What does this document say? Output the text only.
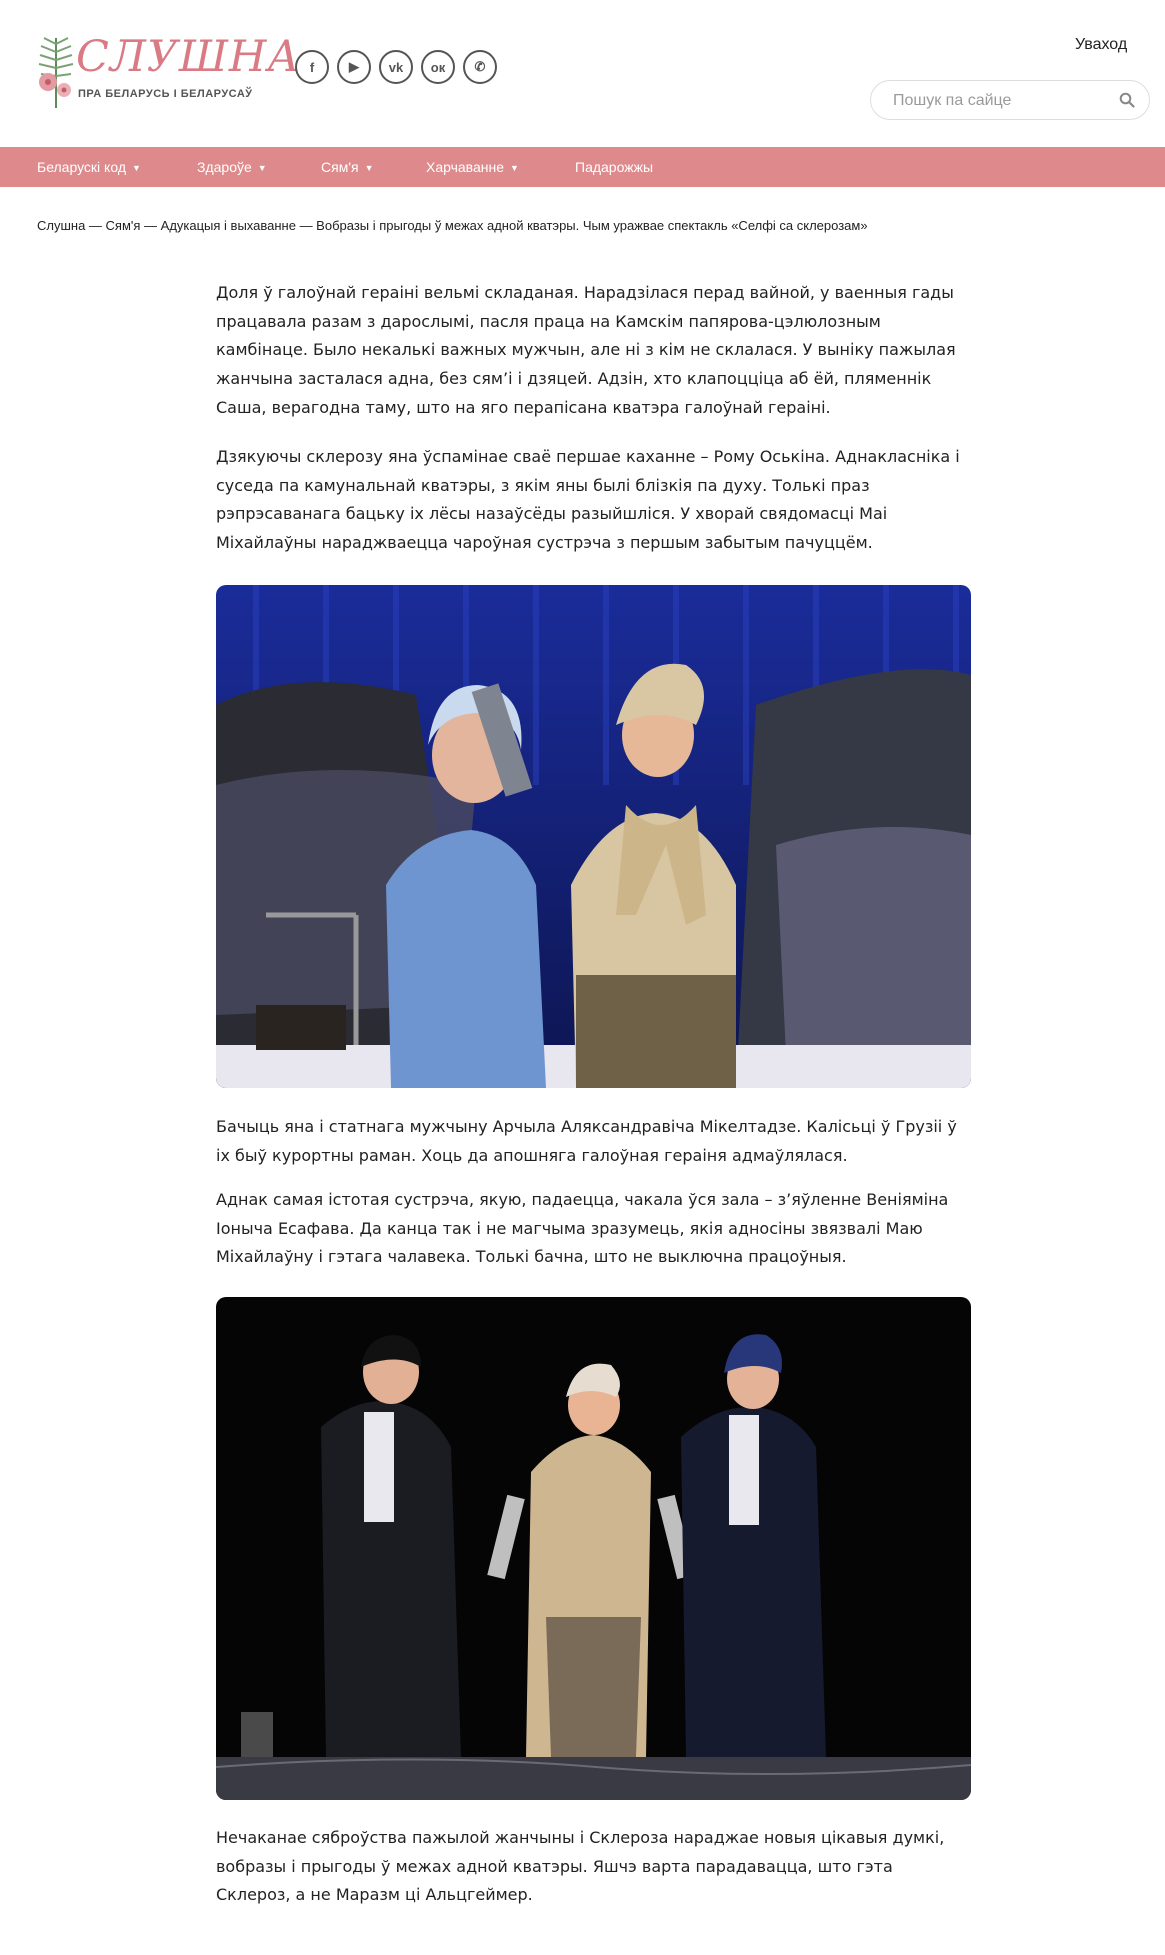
СЛУШНА
ПРА БЕЛАРУСЬ І БЕЛАРУСАЎ
f	▶	vk	ок	✆
Уваход
Пошук па сайце
Беларускі код ▼	Здароўе ▼	Сям'я ▼	Харчаванне ▼	Падарожжы
Слушна — Сям'я — Адукацыя і выхаванне — Вобразы і прыгоды ў межах адной кватэры. Чым уражвае спектакль «Селфі са склерозам»

Доля ў галоўнай гераіні вельмі складаная. Нарадзілася перад вайной, у ваенныя гады працавала разам з дарослымі, пасля праца на Камскім папярова-цэлюлозным камбінаце. Было некалькі важных мужчын, але ні з кім не склалася. У выніку пажылая жанчына засталася адна, без сям’і і дзяцей. Адзін, хто клапоцціца аб ёй, пляменнік Саша, верагодна таму, што на яго перапісана кватэра галоўнай гераіні.

Дзякуючы склерозу яна ўспамінае сваё першае каханне – Рому Оськіна. Аднакласніка і суседа па камунальнай кватэры, з якім яны былі блізкія па духу. Толькі праз рэпрэсаванага бацьку іх лёсы назаўсёды разыйшліся. У хворай свядомасці Маі Міхайлаўны нараджваецца чароўная сустрэча з першым забытым пачуццём.

Бачыць яна і статнага мужчыну Арчыла Аляксандравіча Мікелтадзе. Калісьці ў Грузіі ў іх быў курортны раман. Хоць да апошняга галоўная гераіня адмаўлялася.

Аднак самая істотая сустрэча, якую, падаецца, чакала ўся зала – з’яўленне Веніяміна Іоныча Есафава. Да канца так і не магчыма зразумець, якія адносіны звязвалі Маю Міхайлаўну і гэтага чалавека. Толькі бачна, што не выключна працоўныя.

Нечаканае сяброўства пажылой жанчыны і Склероза нараджае новыя цікавыя думкі, вобразы і прыгоды ў межах адной кватэры. Яшчэ варта парадавацца, што гэта Склероз, а не Маразм ці Альцгеймер.
